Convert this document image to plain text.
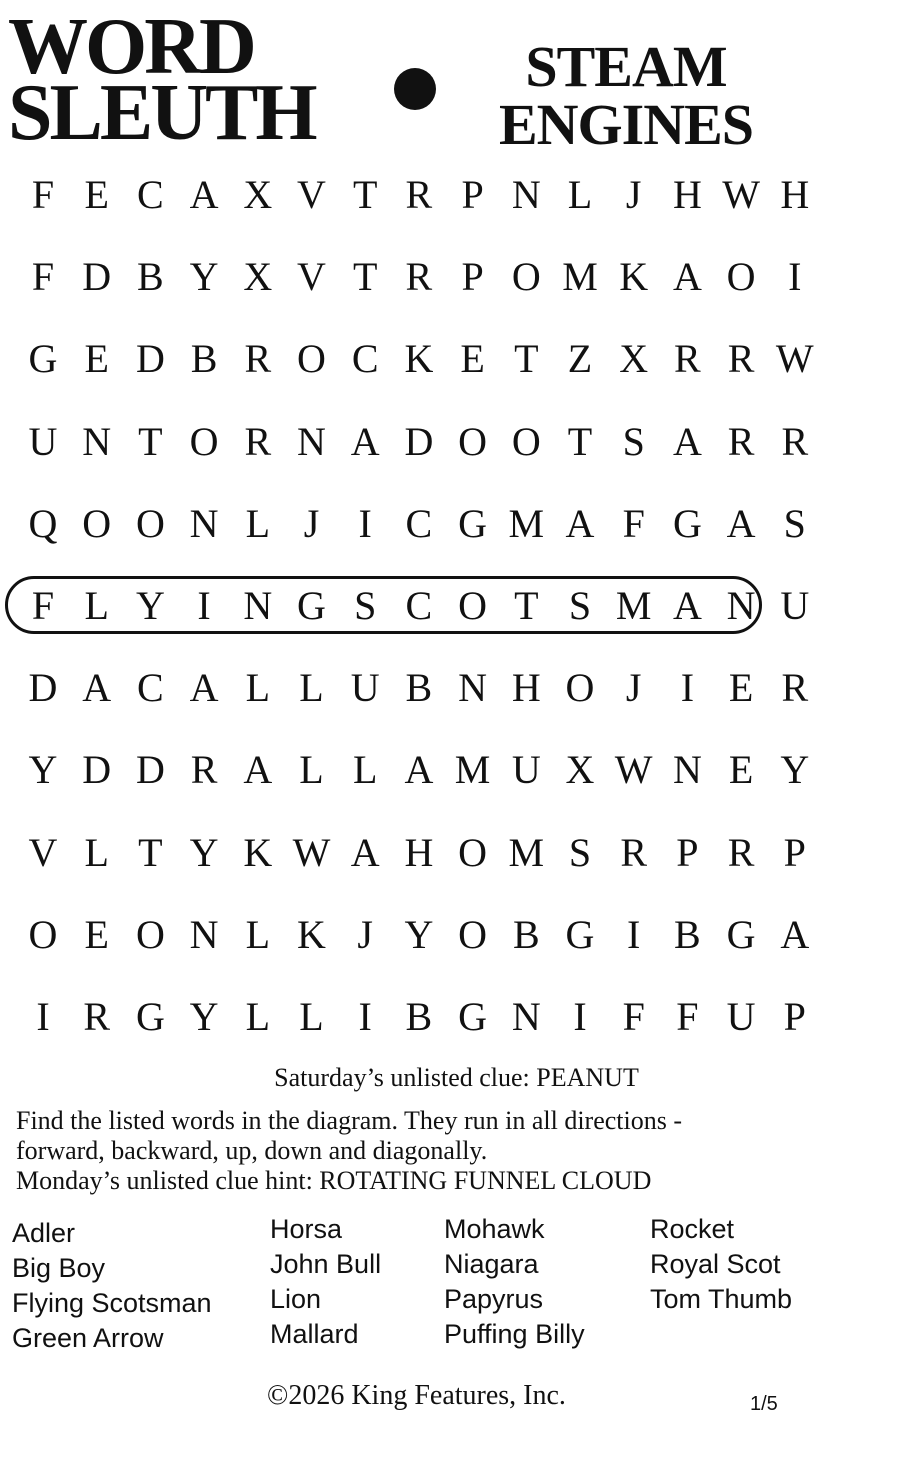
WORD
SLEUTH
STEAM
ENGINES
F E C A X V T R P N L J H W H
F D B Y X V T R P O M K A O I
G E D B R O C K E T Z X R R W
U N T O R N A D O O T S A R R
Q O O N L J I C G M A F G A S
F L Y I N G S C O T S M A N U
D A C A L L U B N H O J I E R
Y D D R A L L A M U X W N E Y
V L T Y K W A H O M S R P R P
O E O N L K J Y O B G I B G A
I R G Y L L I B G N I F F U P
Saturday’s unlisted clue: PEANUT
Find the listed words in the diagram. They run in all directions -
forward, backward, up, down and diagonally.
Monday’s unlisted clue hint: ROTATING FUNNEL CLOUD
Adler
Big Boy
Flying Scotsman
Green Arrow
Horsa
John Bull
Lion
Mallard
Mohawk
Niagara
Papyrus
Puffing Billy
Rocket
Royal Scot
Tom Thumb
©2026 King Features, Inc.	1/5
